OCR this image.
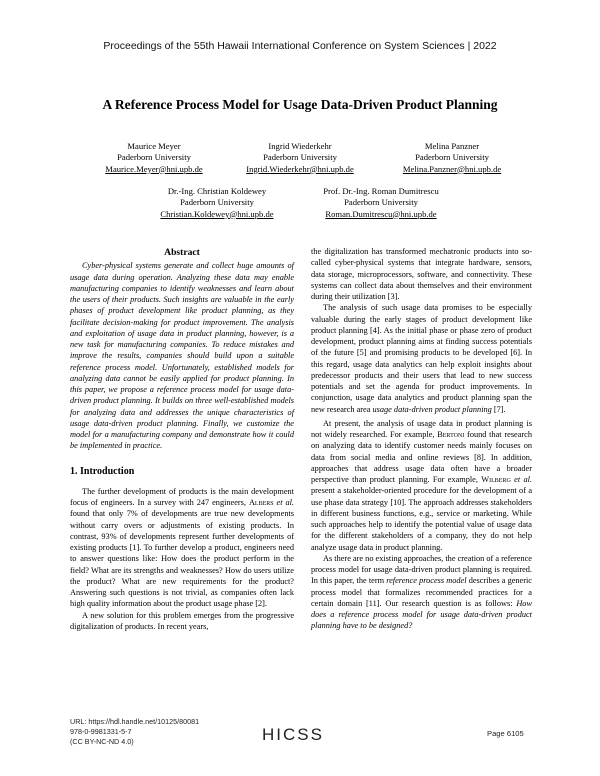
Proceedings of the 55th Hawaii International Conference on System Sciences | 2022
A Reference Process Model for Usage Data-Driven Product Planning
Maurice Meyer
Paderborn University
Maurice.Meyer@hni.upb.de
Ingrid Wiederkehr
Paderborn University
Ingrid.Wiederkehr@hni.upb.de
Melina Panzner
Paderborn University
Melina.Panzner@hni.upb.de
Dr.-Ing. Christian Koldewey
Paderborn University
Christian.Koldewey@hni.upb.de
Prof. Dr.-Ing. Roman Dumitrescu
Paderborn University
Roman.Dumitrescu@hni.upb.de
Abstract

Cyber-physical systems generate and collect huge amounts of usage data during operation. Analyzing these data may enable manufacturing companies to identify weaknesses and learn about the users of their products. Such insights are valuable in the early phases of product development like product planning, as they facilitate decision-making for product improvement. The analysis and exploitation of usage data in product planning, however, is a new task for manufacturing companies. To reduce mistakes and improve the results, companies should build upon a suitable reference process model. Unfortunately, established models for analyzing data cannot be easily applied for product planning. In this paper, we propose a reference process model for usage data-driven product planning. It builds on three well-established models for analyzing data and addresses the unique characteristics of usage data-driven product planning. Finally, we customize the model for a manufacturing company and demonstrate how it could be implemented in practice.

1. Introduction

The further development of products is the main development focus of engineers. In a survey with 247 engineers, Albers et al. found that only 7% of developments are true new developments without carry overs or adjustments of existing products. In contrast, 93% of developments represent further developments of existing products [1]. To further develop a product, engineers need to answer questions like: How does the product perform in the field? What are its strengths and weaknesses? How do users utilize the product? What are new requirements for the product? Answering such questions is not trivial, as companies often lack high quality information about the product usage phase [2].

A new solution for this problem emerges from the progressive digitalization of products. In recent years,

the digitalization has transformed mechatronic products into so-called cyber-physical systems that integrate hardware, sensors, data storage, microprocessors, software, and connectivity. These systems can collect data about themselves and their environment during their utilization [3].

The analysis of such usage data promises to be especially valuable during the early stages of product development like product planning [4]. As the initial phase or phase zero of product development, product planning aims at finding success potentials of the future [5] and promising products to be developed [6]. In this regard, usage data analytics can help exploit insights about predecessor products and their users that lead to new success potentials and set the agenda for product improvements. In conjunction, usage data analytics and product planning span the new research area usage data-driven product planning [7].

At present, the analysis of usage data in product planning is not widely researched. For example, Bertoni found that research on analyzing data to identify customer needs mainly focuses on data from social media and online reviews [8]. In addition, approaches that address usage data often have a broader perspective than product planning. For example, Wilberg et al. present a stakeholder-oriented procedure for the development of a use phase data strategy [10]. The approach addresses stakeholders in different business functions, e.g., service or marketing. While such approaches help to identify the potential value of usage data for the different stakeholders of a company, they do not help analyze usage data in product planning.

As there are no existing approaches, the creation of a reference process model for usage data-driven product planning is required. In this paper, the term reference process model describes a generic process model that formalizes recommended practices for a certain domain [11]. Our research question is as follows: How does a reference process model for usage data-driven product planning have to be designed?

URL: https://hdl.handle.net/10125/80081
978-0-9981331-5-7
(CC BY-NC-ND 4.0)	HICSS	Page 6105
